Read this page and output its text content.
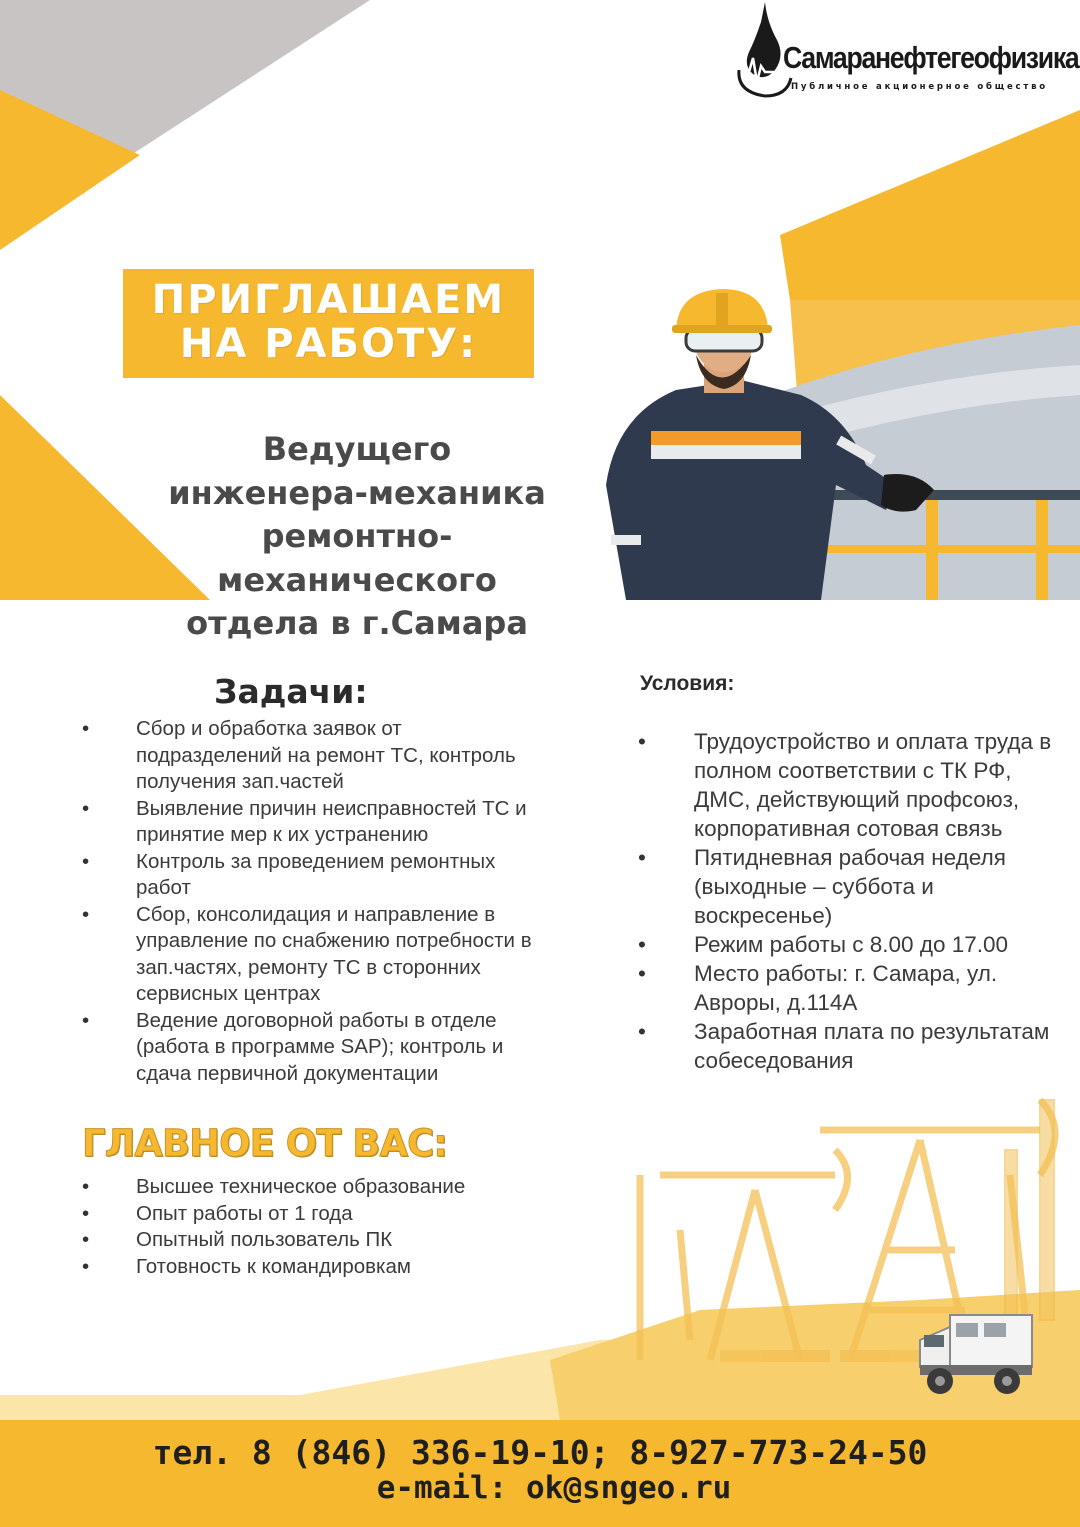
Самаранефтегеофизика
Публичное акционерное общество
ПРИГЛАШАЕМ
НА РАБОТУ:
Ведущего
инженера-механика
ремонтно-
механического
отдела в г.Самара
Задачи:
• Сбор и обработка заявок от подразделений на ремонт ТС, контроль получения зап.частей
• Выявление причин неисправностей ТС и принятие мер к их устранению
• Контроль за проведением ремонтных работ
• Сбор, консолидация и направление в управление по снабжению потребности в зап.частях, ремонту ТС в сторонних сервисных центрах
• Ведение договорной работы в отделе (работа в программе SAP); контроль и сдача первичной документации
ГЛАВНОЕ ОТ ВАС:
• Высшее техническое образование
• Опыт работы от 1 года
• Опытный пользователь ПК
• Готовность к командировкам
Условия:
• Трудоустройство и оплата труда в полном соответствии с ТК РФ, ДМС, действующий профсоюз, корпоративная сотовая связь
• Пятидневная рабочая неделя (выходные – суббота и воскресенье)
• Режим работы с 8.00 до 17.00
• Место работы: г. Самара, ул. Авроры, д.114А
• Заработная плата по результатам собеседования
тел. 8 (846) 336-19-10; 8-927-773-24-50
e-mail: ok@sngeo.ru
